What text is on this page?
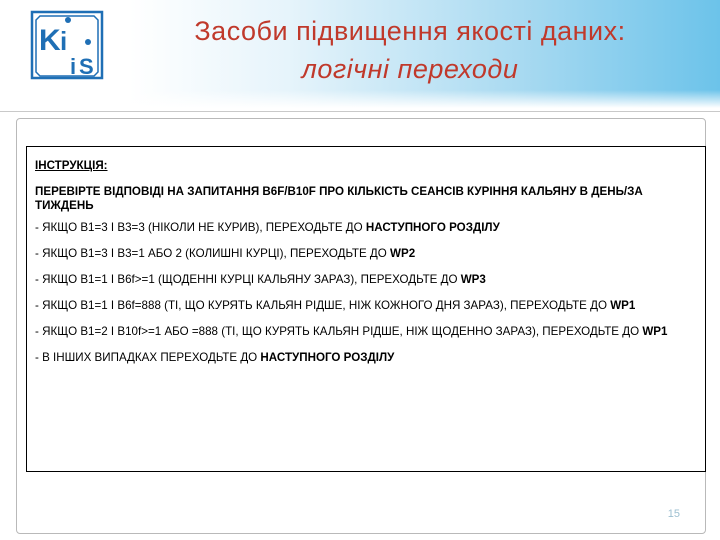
K i
i S
Засоби підвищення якості даних:
логічні переходи

ІНСТРУКЦІЯ:

ПЕРЕВІРТЕ ВІДПОВІДІ НА ЗАПИТАННЯ B6F/B10F ПРО КІЛЬКІСТЬ СЕАНСІВ КУРІННЯ КАЛЬЯНУ В ДЕНЬ/ЗА ТИЖДЕНЬ

- ЯКЩО B1=3 І B3=3 (НІКОЛИ НЕ КУРИВ), ПЕРЕХОДЬТЕ ДО НАСТУПНОГО РОЗДІЛУ

- ЯКЩО B1=3 І B3=1 АБО 2 (КОЛИШНІ КУРЦІ), ПЕРЕХОДЬТЕ ДО WP2

- ЯКЩО B1=1 І B6f>=1 (ЩОДЕННІ КУРЦІ КАЛЬЯНУ ЗАРАЗ), ПЕРЕХОДЬТЕ ДО WP3

- ЯКЩО B1=1 І B6f=888 (ТІ, ЩО КУРЯТЬ КАЛЬЯН РІДШЕ, НІЖ КОЖНОГО ДНЯ ЗАРАЗ), ПЕРЕХОДЬТЕ ДО WP1

- ЯКЩО B1=2 І B10f>=1 АБО =888 (ТІ, ЩО КУРЯТЬ КАЛЬЯН РІДШЕ, НІЖ ЩОДЕННО ЗАРАЗ), ПЕРЕХОДЬТЕ ДО WP1

- В ІНШИХ ВИПАДКАХ ПЕРЕХОДЬТЕ ДО НАСТУПНОГО РОЗДІЛУ

15
